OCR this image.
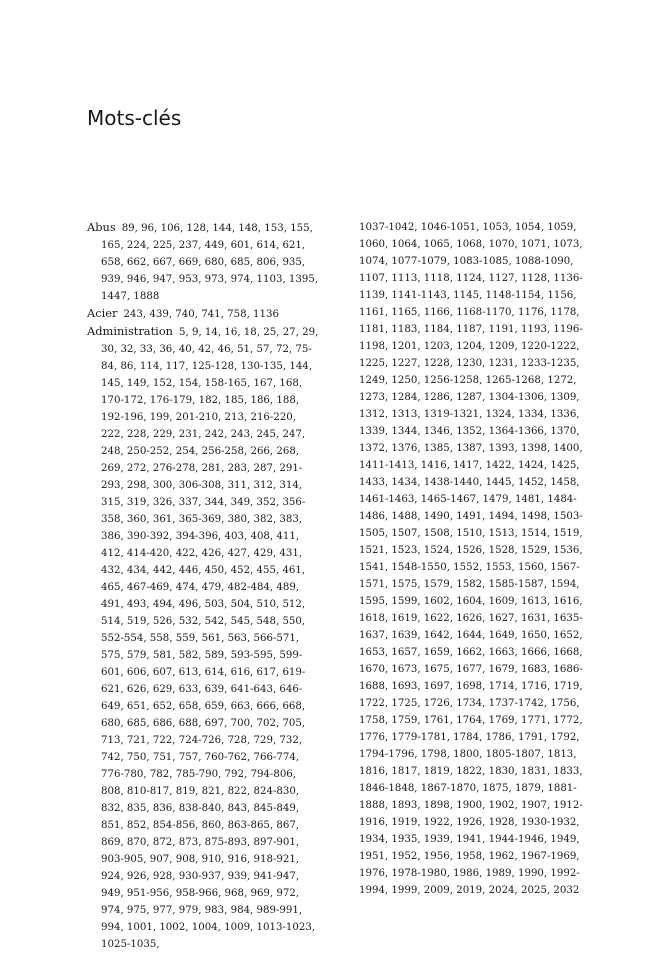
Mots-clés

Abus 89, 96, 106, 128, 144, 148, 153, 155, 165, 224, 225, 237, 449, 601, 614, 621, 658, 662, 667, 669, 680, 685, 806, 935, 939, 946, 947, 953, 973, 974, 1103, 1395, 1447, 1888

Acier 243, 439, 740, 741, 758, 1136

Administration 5, 9, 14, 16, 18, 25, 27, 29, 30, 32, 33, 36, 40, 42, 46, 51, 57, 72, 75-84, 86, 114, 117, 125-128, 130-135, 144, 145, 149, 152, 154, 158-165, 167, 168, 170-172, 176-179, 182, 185, 186, 188, 192-196, 199, 201-210, 213, 216-220, 222, 228, 229, 231, 242, 243, 245, 247, 248, 250-252, 254, 256-258, 266, 268, 269, 272, 276-278, 281, 283, 287, 291-293, 298, 300, 306-308, 311, 312, 314, 315, 319, 326, 337, 344, 349, 352, 356-358, 360, 361, 365-369, 380, 382, 383, 386, 390-392, 394-396, 403, 408, 411, 412, 414-420, 422, 426, 427, 429, 431, 432, 434, 442, 446, 450, 452, 455, 461, 465, 467-469, 474, 479, 482-484, 489, 491, 493, 494, 496, 503, 504, 510, 512, 514, 519, 526, 532, 542, 545, 548, 550, 552-554, 558, 559, 561, 563, 566-571, 575, 579, 581, 582, 589, 593-595, 599-601, 606, 607, 613, 614, 616, 617, 619-621, 626, 629, 633, 639, 641-643, 646-649, 651, 652, 658, 659, 663, 666, 668, 680, 685, 686, 688, 697, 700, 702, 705, 713, 721, 722, 724-726, 728, 729, 732, 742, 750, 751, 757, 760-762, 766-774, 776-780, 782, 785-790, 792, 794-806, 808, 810-817, 819, 821, 822, 824-830, 832, 835, 836, 838-840, 843, 845-849, 851, 852, 854-856, 860, 863-865, 867, 869, 870, 872, 873, 875-893, 897-901, 903-905, 907, 908, 910, 916, 918-921, 924, 926, 928, 930-937, 939, 941-947, 949, 951-956, 958-966, 968, 969, 972, 974, 975, 977, 979, 983, 984, 989-991, 994, 1001, 1002, 1004, 1009, 1013-1023, 1025-1035,

1037-1042, 1046-1051, 1053, 1054, 1059, 1060, 1064, 1065, 1068, 1070, 1071, 1073, 1074, 1077-1079, 1083-1085, 1088-1090, 1107, 1113, 1118, 1124, 1127, 1128, 1136-1139, 1141-1143, 1145, 1148-1154, 1156, 1161, 1165, 1166, 1168-1170, 1176, 1178, 1181, 1183, 1184, 1187, 1191, 1193, 1196-1198, 1201, 1203, 1204, 1209, 1220-1222, 1225, 1227, 1228, 1230, 1231, 1233-1235, 1249, 1250, 1256-1258, 1265-1268, 1272, 1273, 1284, 1286, 1287, 1304-1306, 1309, 1312, 1313, 1319-1321, 1324, 1334, 1336, 1339, 1344, 1346, 1352, 1364-1366, 1370, 1372, 1376, 1385, 1387, 1393, 1398, 1400, 1411-1413, 1416, 1417, 1422, 1424, 1425, 1433, 1434, 1438-1440, 1445, 1452, 1458, 1461-1463, 1465-1467, 1479, 1481, 1484-1486, 1488, 1490, 1491, 1494, 1498, 1503-1505, 1507, 1508, 1510, 1513, 1514, 1519, 1521, 1523, 1524, 1526, 1528, 1529, 1536, 1541, 1548-1550, 1552, 1553, 1560, 1567-1571, 1575, 1579, 1582, 1585-1587, 1594, 1595, 1599, 1602, 1604, 1609, 1613, 1616, 1618, 1619, 1622, 1626, 1627, 1631, 1635-1637, 1639, 1642, 1644, 1649, 1650, 1652, 1653, 1657, 1659, 1662, 1663, 1666, 1668, 1670, 1673, 1675, 1677, 1679, 1683, 1686-1688, 1693, 1697, 1698, 1714, 1716, 1719, 1722, 1725, 1726, 1734, 1737-1742, 1756, 1758, 1759, 1761, 1764, 1769, 1771, 1772, 1776, 1779-1781, 1784, 1786, 1791, 1792, 1794-1796, 1798, 1800, 1805-1807, 1813, 1816, 1817, 1819, 1822, 1830, 1831, 1833, 1846-1848, 1867-1870, 1875, 1879, 1881-1888, 1893, 1898, 1900, 1902, 1907, 1912-1916, 1919, 1922, 1926, 1928, 1930-1932, 1934, 1935, 1939, 1941, 1944-1946, 1949, 1951, 1952, 1956, 1958, 1962, 1967-1969, 1976, 1978-1980, 1986, 1989, 1990, 1992-1994, 1999, 2009, 2019, 2024, 2025, 2032
